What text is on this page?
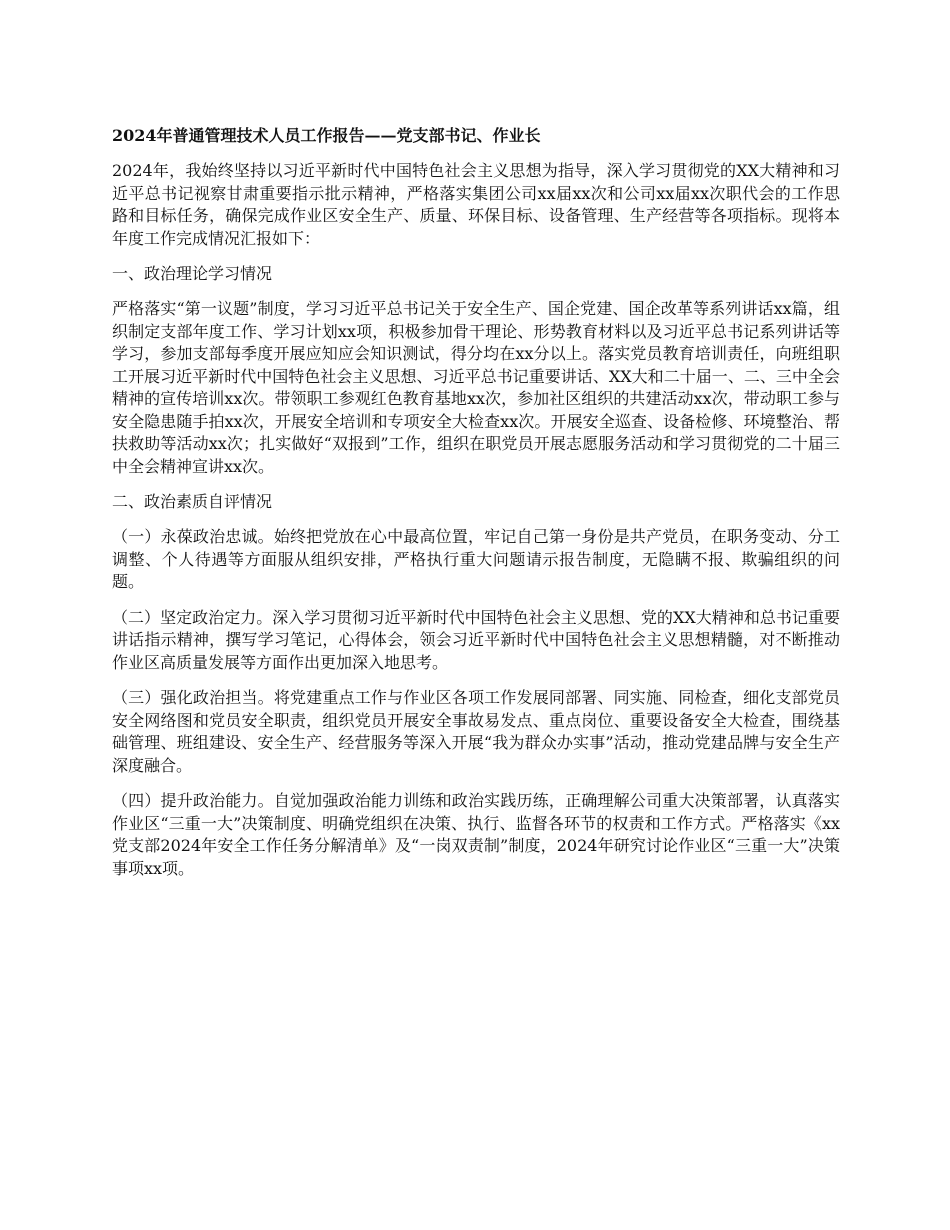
2024年普通管理技术人员工作报告——党支部书记、作业长

2024年，我始终坚持以习近平新时代中国特色社会主义思想为指导，深入学习贯彻党的XX大精神和习近平总书记视察甘肃重要指示批示精神，严格落实集团公司xx届xx次和公司xx届xx次职代会的工作思路和目标任务，确保完成作业区安全生产、质量、环保目标、设备管理、生产经营等各项指标。现将本年度工作完成情况汇报如下：

一、政治理论学习情况

严格落实“第一议题”制度，学习习近平总书记关于安全生产、国企党建、国企改革等系列讲话xx篇，组织制定支部年度工作、学习计划xx项，积极参加骨干理论、形势教育材料以及习近平总书记系列讲话等学习，参加支部每季度开展应知应会知识测试，得分均在xx分以上。落实党员教育培训责任，向班组职工开展习近平新时代中国特色社会主义思想、习近平总书记重要讲话、XX大和二十届一、二、三中全会精神的宣传培训xx次。带领职工参观红色教育基地xx次，参加社区组织的共建活动xx次，带动职工参与安全隐患随手拍xx次，开展安全培训和专项安全大检查xx次。开展安全巡查、设备检修、环境整治、帮扶救助等活动xx次；扎实做好“双报到”工作，组织在职党员开展志愿服务活动和学习贯彻党的二十届三中全会精神宣讲xx次。

二、政治素质自评情况

（一）永葆政治忠诚。始终把党放在心中最高位置，牢记自己第一身份是共产党员，在职务变动、分工调整、个人待遇等方面服从组织安排，严格执行重大问题请示报告制度，无隐瞒不报、欺骗组织的问题。

（二）坚定政治定力。深入学习贯彻习近平新时代中国特色社会主义思想、党的XX大精神和总书记重要讲话指示精神，撰写学习笔记，心得体会，领会习近平新时代中国特色社会主义思想精髓，对不断推动作业区高质量发展等方面作出更加深入地思考。

（三）强化政治担当。将党建重点工作与作业区各项工作发展同部署、同实施、同检查，细化支部党员安全网络图和党员安全职责，组织党员开展安全事故易发点、重点岗位、重要设备安全大检查，围绕基础管理、班组建设、安全生产、经营服务等深入开展“我为群众办实事”活动，推动党建品牌与安全生产深度融合。

（四）提升政治能力。自觉加强政治能力训练和政治实践历练，正确理解公司重大决策部署，认真落实作业区“三重一大”决策制度、明确党组织在决策、执行、监督各环节的权责和工作方式。严格落实《xx党支部2024年安全工作任务分解清单》及“一岗双责制”制度，2024年研究讨论作业区“三重一大”决策事项xx项。
